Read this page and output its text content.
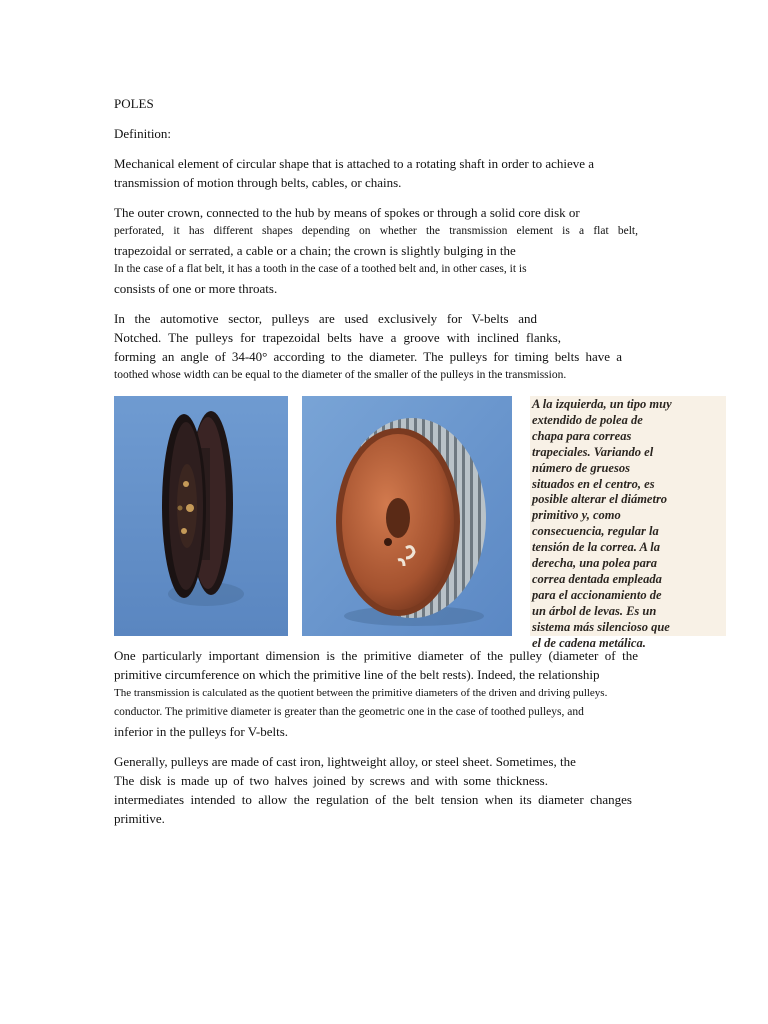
POLES
Definition:
Mechanical element of circular shape that is attached to a rotating shaft in order to achieve a
transmission of motion through belts, cables, or chains.
The outer crown, connected to the hub by means of spokes or through a solid core disk or
perforated, it has different shapes depending on whether the transmission element is a flat belt,
trapezoidal or serrated, a cable or a chain; the crown is slightly bulging in the
In the case of a flat belt, it has a tooth in the case of a toothed belt and, in other cases, it is
consists of one or more throats.
In the automotive sector, pulleys are used exclusively for V-belts and
Notched. The pulleys for trapezoidal belts have a groove with inclined flanks,
forming an angle of 34-40° according to the diameter. The pulleys for timing belts have a
toothed whose width can be equal to the diameter of the smaller of the pulleys in the transmission.
A la izquierda, un tipo muy
extendido de polea de
chapa para correas
trapeciales. Variando el
número de gruesos
situados en el centro, es
posible alterar el diámetro
primitivo y, como
consecuencia, regular la
tensión de la correa. A la
derecha, una polea para
correa dentada empleada
para el accionamiento de
un árbol de levas. Es un
sistema más silencioso que
el de cadena metálica.
One particularly important dimension is the primitive diameter of the pulley (diameter of the
primitive circumference on which the primitive line of the belt rests). Indeed, the relationship
The transmission is calculated as the quotient between the primitive diameters of the driven and driving pulleys.
conductor. The primitive diameter is greater than the geometric one in the case of toothed pulleys, and
inferior in the pulleys for V-belts.
Generally, pulleys are made of cast iron, lightweight alloy, or steel sheet. Sometimes, the
The disk is made up of two halves joined by screws and with some thickness.
intermediates intended to allow the regulation of the belt tension when its diameter changes
primitive.
